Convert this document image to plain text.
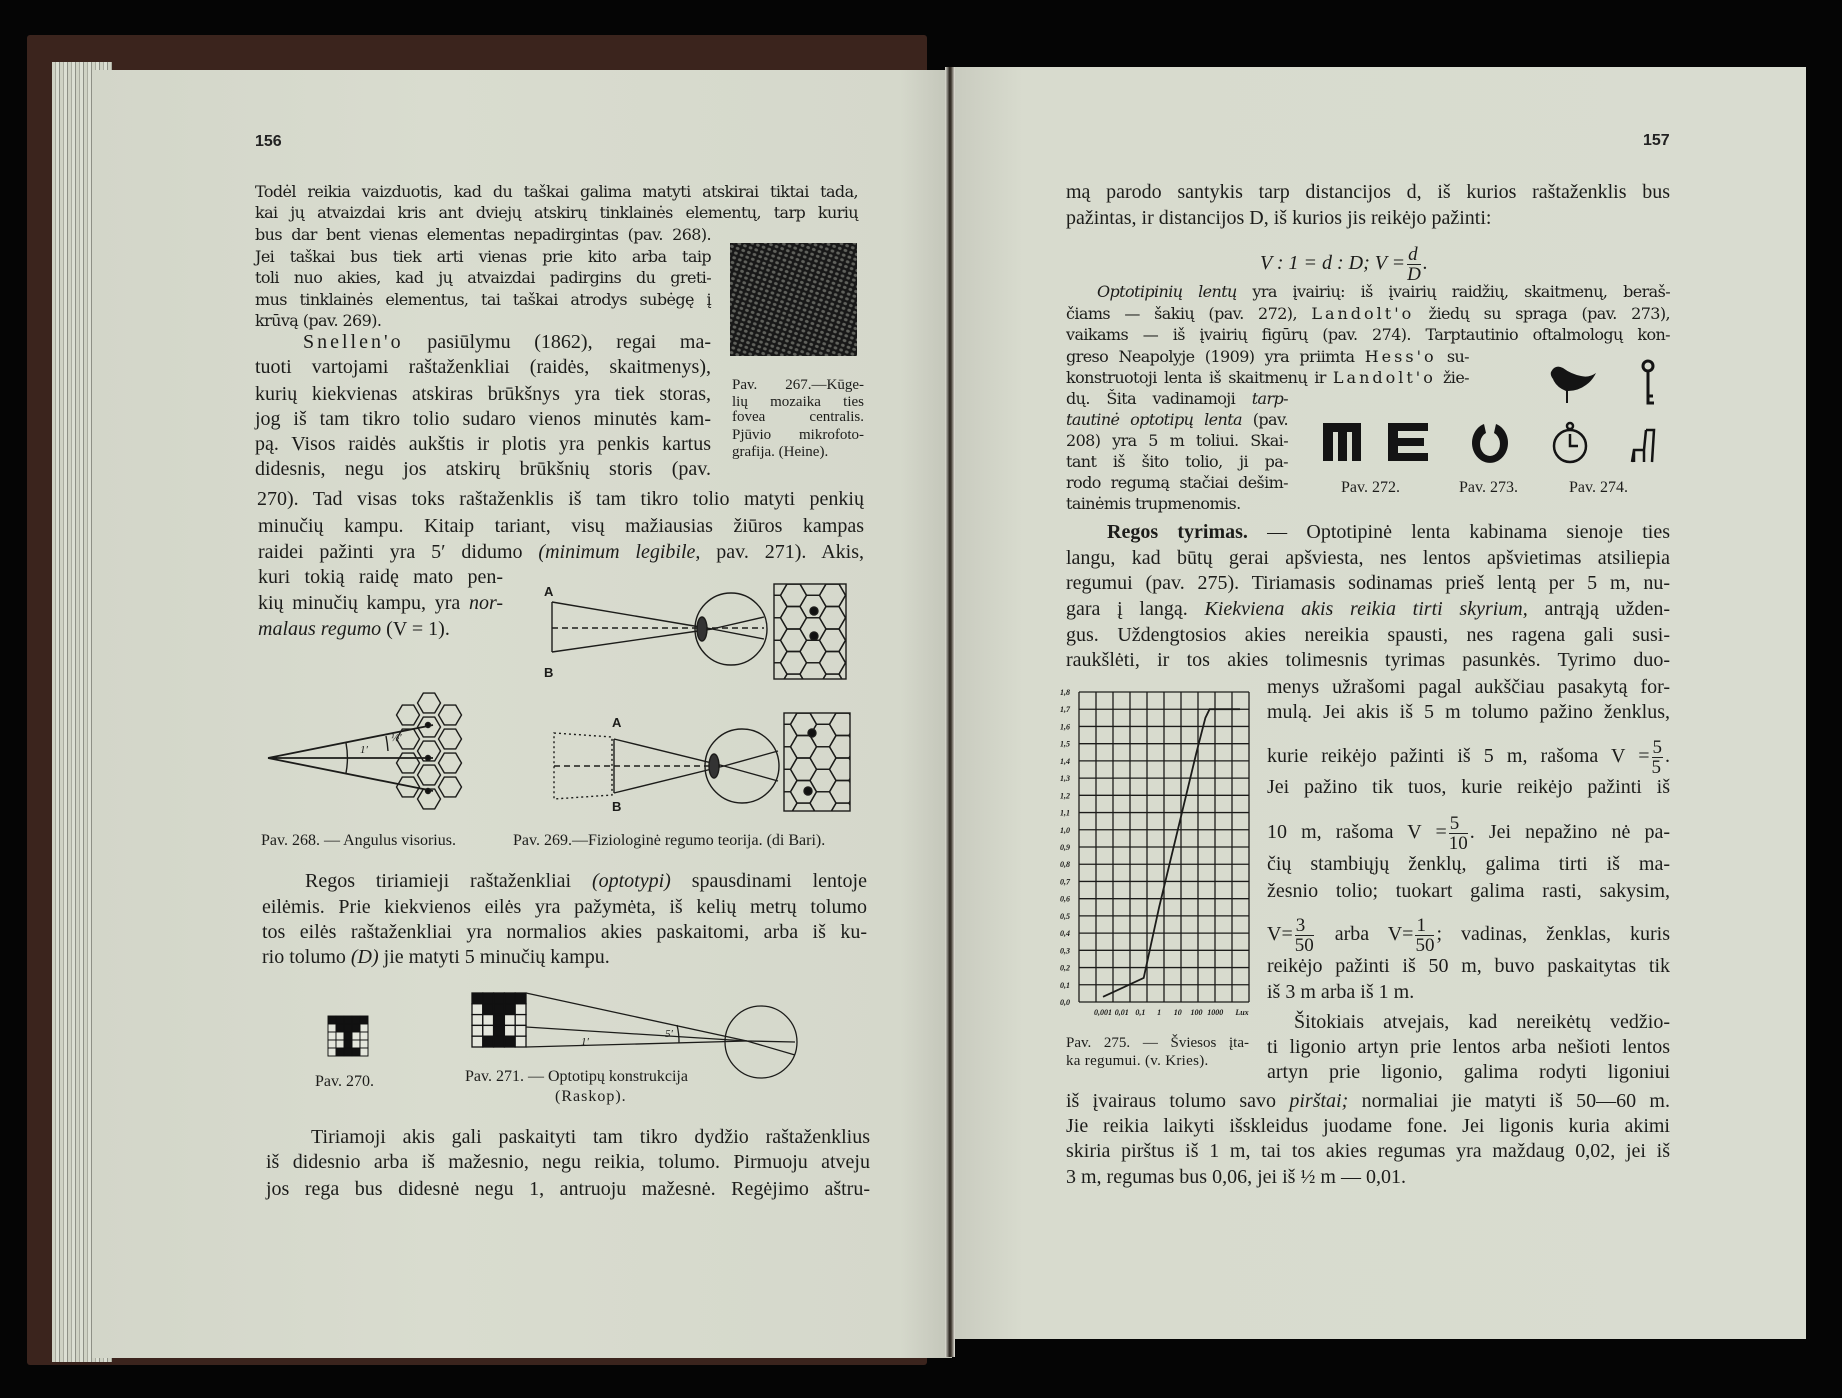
156
Todėl reikia vaizduotis, kad du taškai galima matyti atskirai tiktai tada,
kai jų atvaizdai kris ant dviejų atskirų tinklainės elementų, tarp kurių
bus dar bent vienas elementas nepadirgintas (pav. 268).
Jei taškai bus tiek arti vienas prie kito arba taip
toli nuo akies, kad jų atvaizdai padirgins du greti-
mus tinklainės elementus, tai taškai atrodys subėgę į
krūvą (pav. 269).
Pav. 267.—Kūge-
lių mozaika ties
fovea centralis.
Pjūvio mikrofoto-
grafija. (Heine).
Snellen'o pasiūlymu (1862), regai ma-
tuoti vartojami raštaženkliai (raidės, skaitmenys),
kurių kiekvienas atskiras brūkšnys yra tiek storas,
jog iš tam tikro tolio sudaro vienos minutės kam-
pą. Visos raidės aukštis ir plotis yra penkis kartus
didesnis, negu jos atskirų brūkšnių storis (pav.
270). Tad visas toks raštaženklis iš tam tikro tolio matyti penkių
minučių kampu. Kitaip tariant, visų mažiausias žiūros kampas
raidei pažinti yra 5′ didumo (minimum legibile, pav. 271). Akis,
kuri tokią raidę mato pen-
kių minučių kampu, yra nor-
malaus regumo (V = 1).
A
B
1′
½′
A
B
Pav. 268. — Angulus visorius.	Pav. 269.—Fiziologinė regumo teorija. (di Bari).
Regos tiriamieji raštaženkliai (optotypi) spausdinami lentoje
eilėmis. Prie kiekvienos eilės yra pažymėta, iš kelių metrų tolumo
tos eilės raštaženkliai yra normalios akies paskaitomi, arba iš ku-
rio tolumo (D) jie matyti 5 minučių kampu.
Pav. 270.
5′
1′
Pav. 271. — Optotipų konstrukcija
(Raskop).
Tiriamoji akis gali paskaityti tam tikro dydžio raštaženklius
iš didesnio arba iš mažesnio, negu reikia, tolumo. Pirmuoju atveju
jos rega bus didesnė negu 1, antruoju mažesnė. Regėjimo aštru-
157
mą parodo santykis tarp distancijos d, iš kurios raštaženklis bus
pažintas, ir distancijos D, iš kurios jis reikėjo pažinti:
V : 1 = d : D; $V = \frac{d}{D}$ .
Optotipinių lentų yra įvairių: iš įvairių raidžių, skaitmenų, beraš-
čiams — šakių (pav. 272), Landolt'o žiedų su spraga (pav. 273),
vaikams — iš įvairių figūrų (pav. 274). Tarptautinio oftalmologų kon-
greso Neapolyje (1909) yra priimta Hess'o su-
konstruotoji lenta iš skaitmenų ir Landolt'o žie-
dų. Šita vadinamoji tarp-
tautinė optotipų lenta (pav.
208) yra 5 m toliui. Skai-
tant iš šito tolio, ji pa-
rodo regumą stačiai dešim-
tainėmis trupmenomis.
Pav. 272.	Pav. 273.	Pav. 274.
Regos tyrimas. — Optotipinė lenta kabinama sienoje ties
langu, kad būtų gerai apšviesta, nes lentos apšvietimas atsiliepia
regumui (pav. 275). Tiriamasis sodinamas prieš lentą per 5 m, nu-
gara į langą. Kiekviena akis reikia tirti skyrium, antrąją užden-
gus. Uždengtosios akies nereikia spausti, nes ragena gali susi-
raukšlėti, ir tos akies tolimesnis tyrimas pasunkės. Tyrimo duo-
menys užrašomi pagal aukščiau pasakytą for-
mulą. Jei akis iš 5 m tolumo pažino ženklus,
kurie reikėjo pažinti iš 5 m, rašoma $V = \frac{5}{5}$ .
Jei pažino tik tuos, kurie reikėjo pažinti iš
10 m, rašoma $V = \frac{5}{10}$ . Jei nepažino nė pa-
čių stambiųjų ženklų, galima tirti iš ma-
žesnio tolio; tuokart galima rasti, sakysim,
$V= \frac{3}{50}$ arba $V= \frac{1}{50}$ ; vadinas, ženklas, kuris
reikėjo pažinti iš 50 m, buvo paskaitytas tik
iš 3 m arba iš 1 m.
Šitokiais atvejais, kad nereikėtų vedžio-
ti ligonio artyn prie lentos arba nešioti lentos
artyn prie ligonio, galima rodyti ligoniui
iš įvairaus tolumo savo pirštai; normaliai jie matyti iš 50—60 m.
Jie reikia laikyti išskleidus juodame fone. Jei ligonis kuria akimi
skiria pirštus iš 1 m, tai tos akies regumas yra maždaug 0,02, jei iš
3 m, regumas bus 0,06, jei iš ½ m — 0,01.
0,0
0,1
0,2
0,3
0,4
0,5
0,6
0,7
0,8
0,9
1,0
1,1
1,2
1,3
1,4
1,5
1,6
1,7
1,8
0,001 0,01 0,1 1 10 100 1000 Lux
Pav. 275. — Šviesos įta-
ka regumui. (v. Kries).
